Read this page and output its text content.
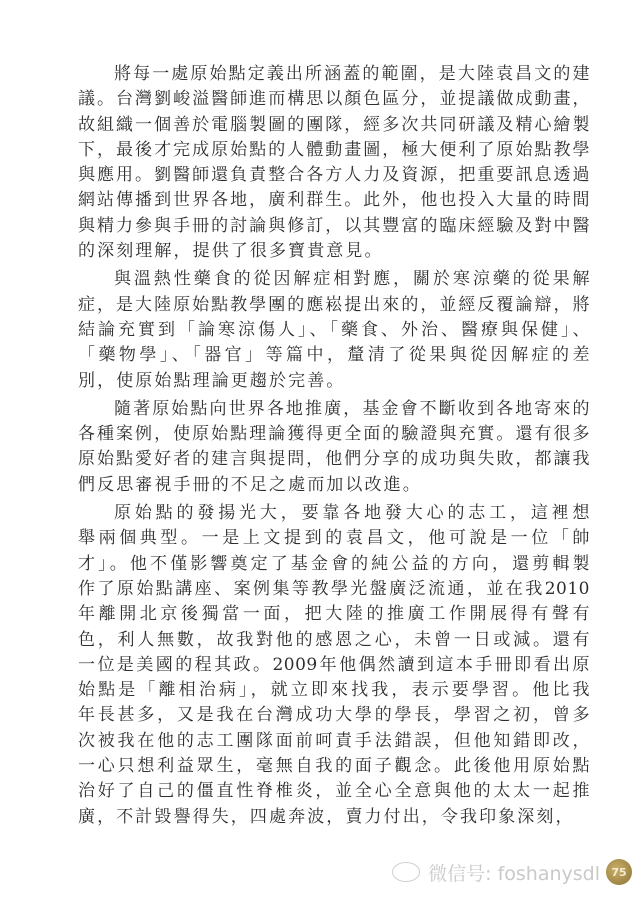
將每一處原始點定義出所涵蓋的範圍，是大陸袁昌文的建
議。台灣劉峻溢醫師進而構思以顏色區分，並提議做成動畫，
故組織一個善於電腦製圖的團隊，經多次共同研議及精心繪製
下，最後才完成原始點的人體動畫圖，極大便利了原始點教學
與應用。劉醫師還負責整合各方人力及資源，把重要訊息透過
網站傳播到世界各地，廣利群生。此外，他也投入大量的時間
與精力參與手冊的討論與修訂，以其豐富的臨床經驗及對中醫
的深刻理解，提供了很多寶貴意見。
與溫熱性藥食的從因解症相對應，關於寒涼藥的從果解
症，是大陸原始點教學團的應崧提出來的，並經反覆論辯，將
結論充實到「論寒涼傷人」、「藥食、外治、醫療與保健」、
「藥物學」、「器官」等篇中，釐清了從果與從因解症的差
別，使原始點理論更趨於完善。
隨著原始點向世界各地推廣，基金會不斷收到各地寄來的
各種案例，使原始點理論獲得更全面的驗證與充實。還有很多
原始點愛好者的建言與提問，他們分享的成功與失敗，都讓我
們反思審視手冊的不足之處而加以改進。
原始點的發揚光大，要靠各地發大心的志工，這裡想
舉兩個典型。一是上文提到的袁昌文，他可說是一位「帥
才」。他不僅影響奠定了基金會的純公益的方向，還剪輯製
作了原始點講座、案例集等教學光盤廣泛流通，並在我2010
年離開北京後獨當一面，把大陸的推廣工作開展得有聲有
色，利人無數，故我對他的感恩之心，未曾一日或減。還有
一位是美國的程其政。2009年他偶然讀到這本手冊即看出原
始點是「離相治病」，就立即來找我，表示要學習。他比我
年長甚多，又是我在台灣成功大學的學長，學習之初，曾多
次被我在他的志工團隊面前呵責手法錯誤，但他知錯即改，
一心只想利益眾生，毫無自我的面子觀念。此後他用原始點
治好了自己的僵直性脊椎炎，並全心全意與他的太太一起推
廣，不計毀譽得失，四處奔波，賣力付出，令我印象深刻，
微信号: foshanysdl	75
